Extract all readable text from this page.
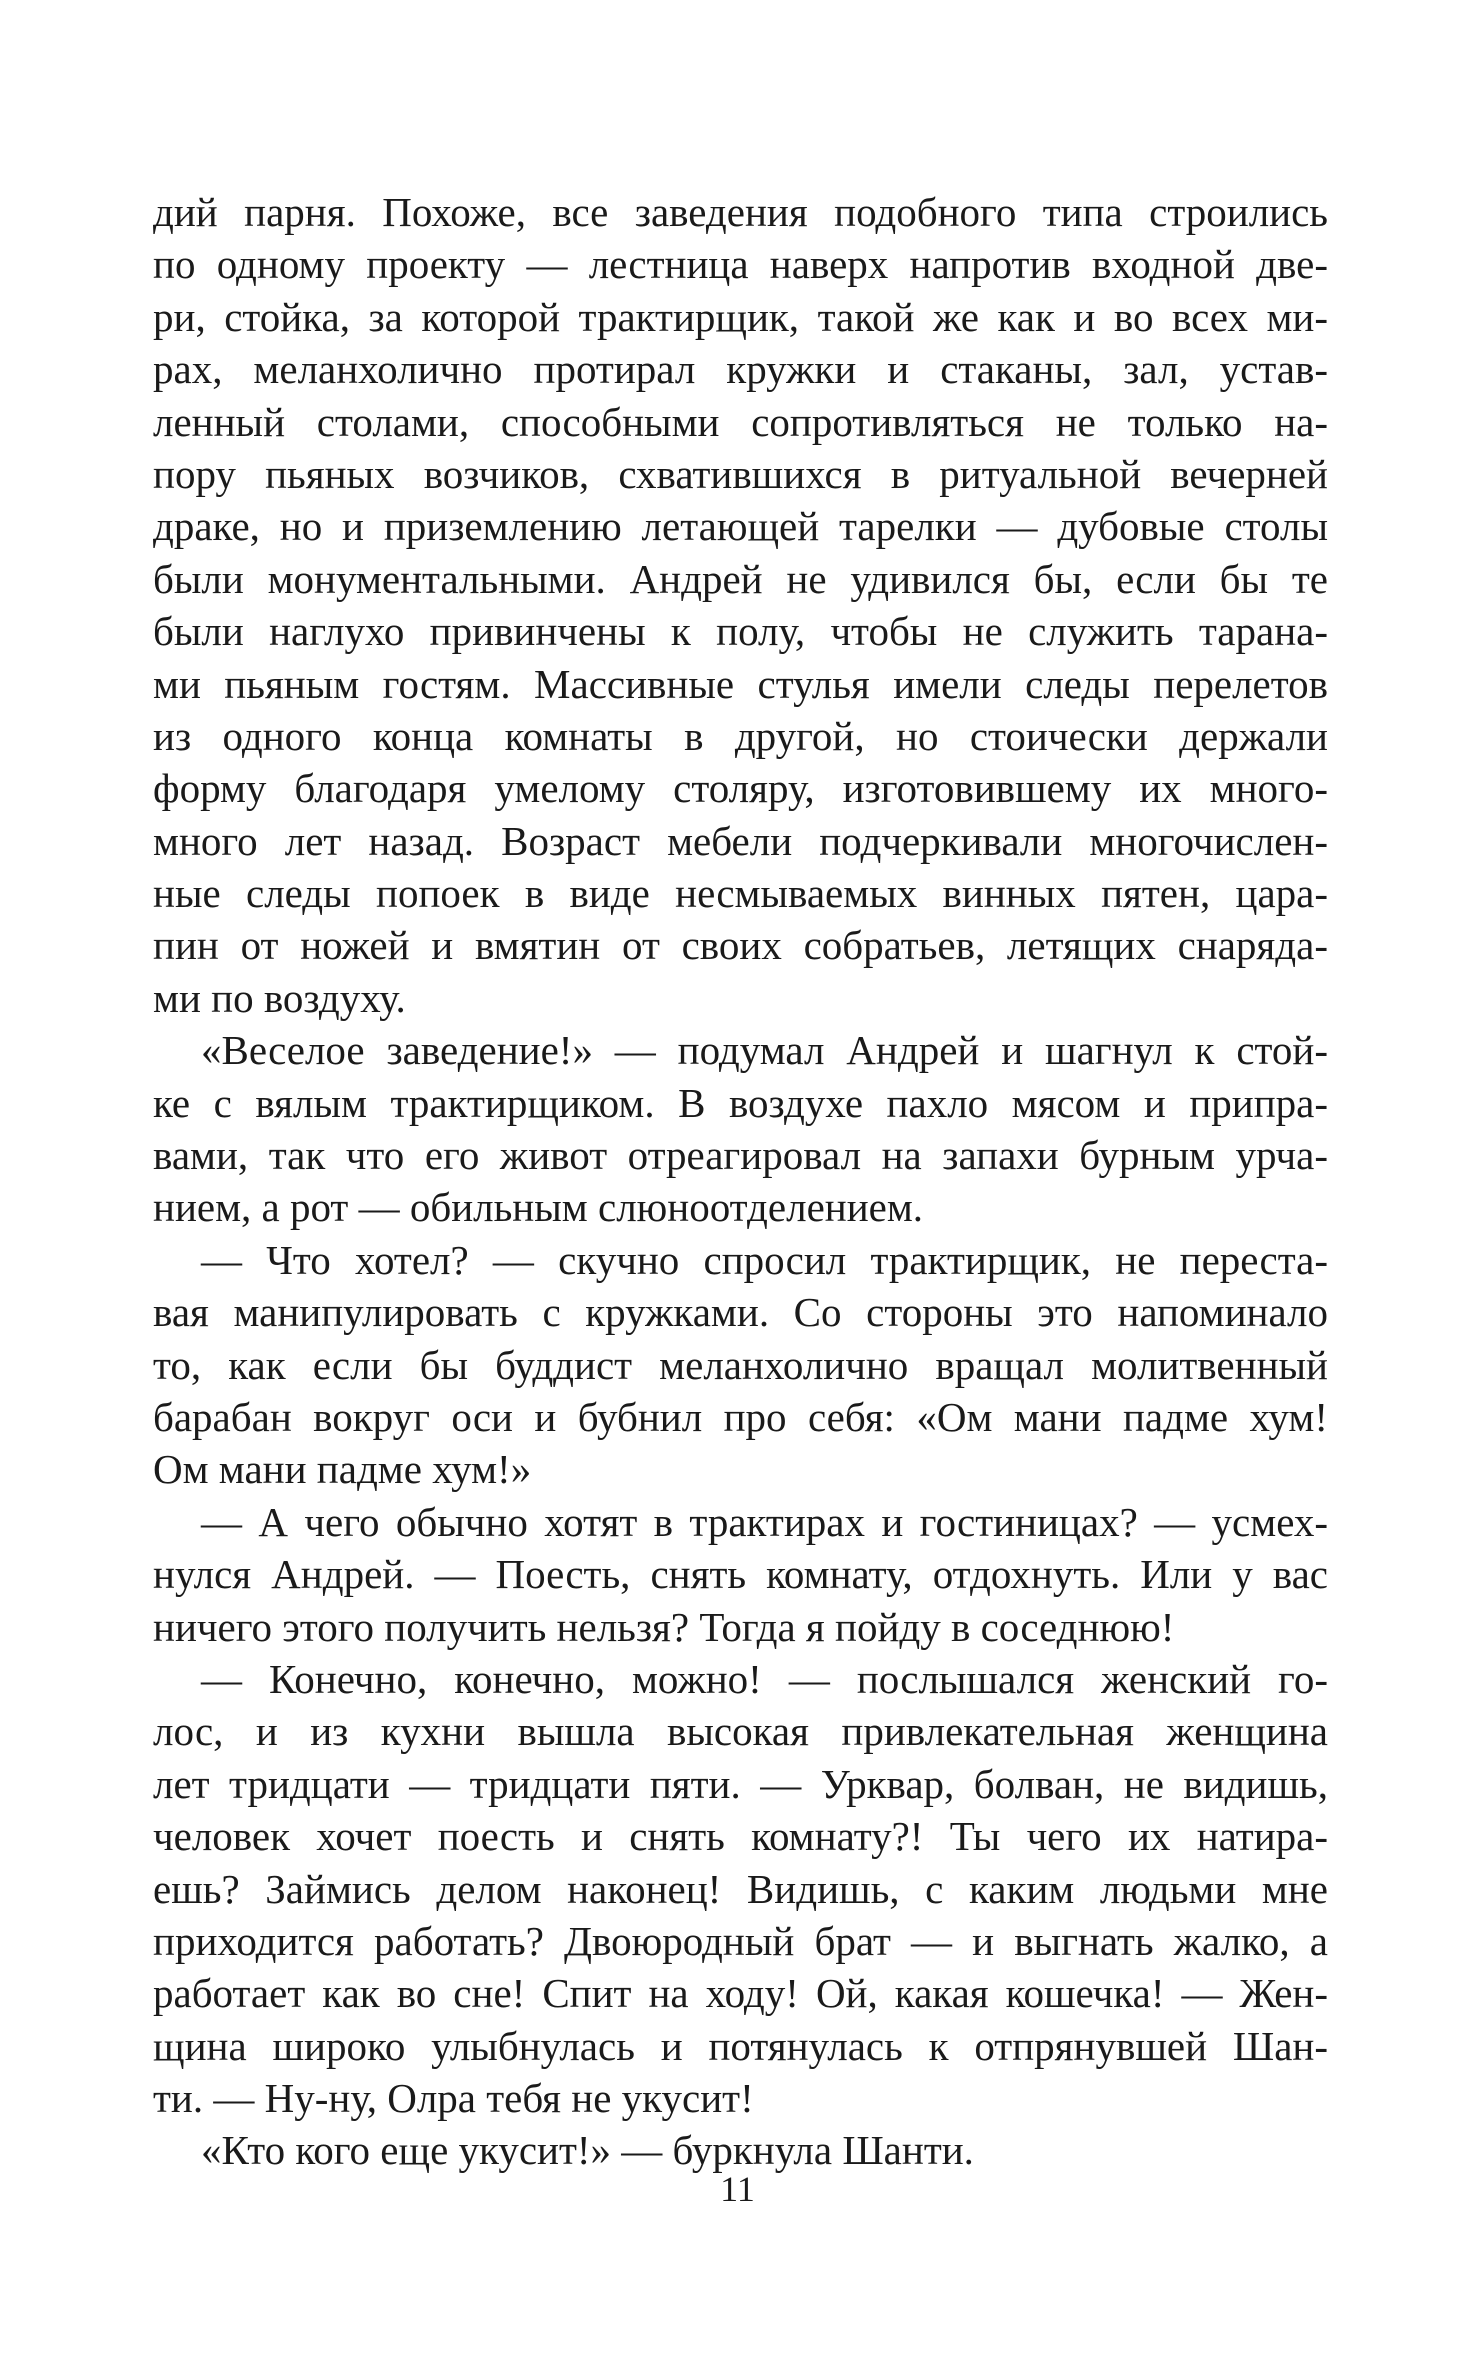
дий парня. Похоже, все заведения подобного типа строились
по одному проекту — лестница наверх напротив входной две-
ри, стойка, за которой трактирщик, такой же как и во всех ми-
рах, меланхолично протирал кружки и стаканы, зал, устав-
ленный столами, способными сопротивляться не только на-
пору пьяных возчиков, схватившихся в ритуальной вечерней
драке, но и приземлению летающей тарелки — дубовые столы
были монументальными. Андрей не удивился бы, если бы те
были наглухо привинчены к полу, чтобы не служить тарана-
ми пьяным гостям. Массивные стулья имели следы перелетов
из одного конца комнаты в другой, но стоически держали
форму благодаря умелому столяру, изготовившему их много-
много лет назад. Возраст мебели подчеркивали многочислен-
ные следы попоек в виде несмываемых винных пятен, цара-
пин от ножей и вмятин от своих собратьев, летящих снаряда-
ми по воздуху.
«Веселое заведение!» — подумал Андрей и шагнул к стой-
ке с вялым трактирщиком. В воздухе пахло мясом и припра-
вами, так что его живот отреагировал на запахи бурным урча-
нием, а рот — обильным слюноотделением.
— Что хотел? — скучно спросил трактирщик, не переста-
вая манипулировать с кружками. Со стороны это напоминало
то, как если бы буддист меланхолично вращал молитвенный
барабан вокруг оси и бубнил про себя: «Ом мани падме хум!
Ом мани падме хум!»
— А чего обычно хотят в трактирах и гостиницах? — усмех-
нулся Андрей. — Поесть, снять комнату, отдохнуть. Или у вас
ничего этого получить нельзя? Тогда я пойду в соседнюю!
— Конечно, конечно, можно! — послышался женский го-
лос, и из кухни вышла высокая привлекательная женщина
лет тридцати — тридцати пяти. — Урквар, болван, не видишь,
человек хочет поесть и снять комнату?! Ты чего их натира-
ешь? Займись делом наконец! Видишь, с каким людьми мне
приходится работать? Двоюродный брат — и выгнать жалко, а
работает как во сне! Спит на ходу! Ой, какая кошечка! — Жен-
щина широко улыбнулась и потянулась к отпрянувшей Шан-
ти. — Ну-ну, Олра тебя не укусит!
«Кто кого еще укусит!» — буркнула Шанти.
11
